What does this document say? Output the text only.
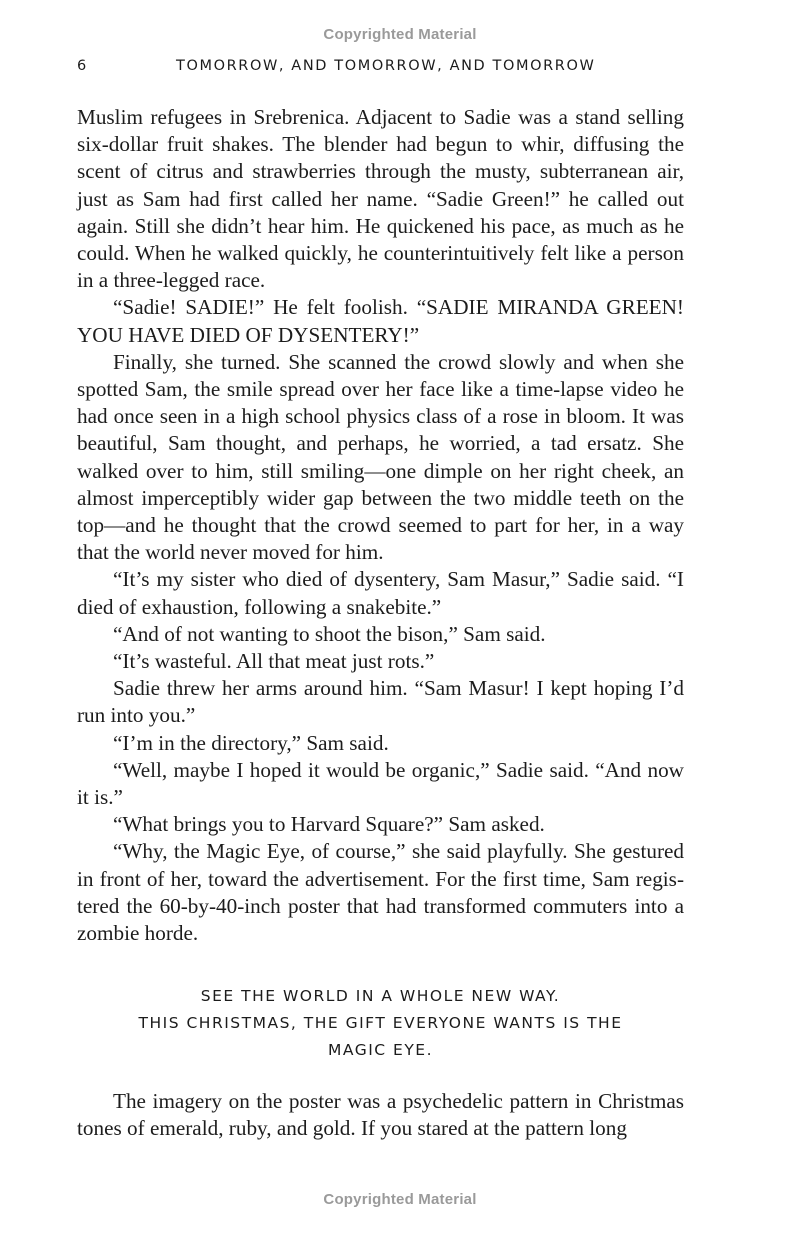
Copyrighted Material
6	TOMORROW, AND TOMORROW, AND TOMORROW

Muslim refugees in Srebrenica. Adjacent to Sadie was a stand selling six-dollar fruit shakes. The blender had begun to whir, diffusing the scent of citrus and strawberries through the musty, subterranean air, just as Sam had first called her name. “Sadie Green!” he called out again. Still she didn’t hear him. He quickened his pace, as much as he could. When he walked quickly, he counterintuitively felt like a person in a three-legged race.

“Sadie! SADIE!” He felt foolish. “SADIE MIRANDA GREEN! YOU HAVE DIED OF DYSENTERY!”

Finally, she turned. She scanned the crowd slowly and when she spotted Sam, the smile spread over her face like a time-lapse video he had once seen in a high school physics class of a rose in bloom. It was beautiful, Sam thought, and perhaps, he worried, a tad ersatz. She walked over to him, still smiling—one dimple on her right cheek, an almost imperceptibly wider gap between the two middle teeth on the top—and he thought that the crowd seemed to part for her, in a way that the world never moved for him.

“It’s my sister who died of dysentery, Sam Masur,” Sadie said. “I died of exhaustion, following a snakebite.”

“And of not wanting to shoot the bison,” Sam said.

“It’s wasteful. All that meat just rots.”

Sadie threw her arms around him. “Sam Masur! I kept hoping I’d run into you.”

“I’m in the directory,” Sam said.

“Well, maybe I hoped it would be organic,” Sadie said. “And now it is.”

“What brings you to Harvard Square?” Sam asked.

“Why, the Magic Eye, of course,” she said playfully. She gestured in front of her, toward the advertisement. For the first time, Sam registered the 60-by-40-inch poster that had transformed commuters into a zombie horde.

SEE THE WORLD IN A WHOLE NEW WAY.
THIS CHRISTMAS, THE GIFT EVERYONE WANTS IS THE
MAGIC EYE.

The imagery on the poster was a psychedelic pattern in Christmas tones of emerald, ruby, and gold. If you stared at the pattern long

Copyrighted Material
